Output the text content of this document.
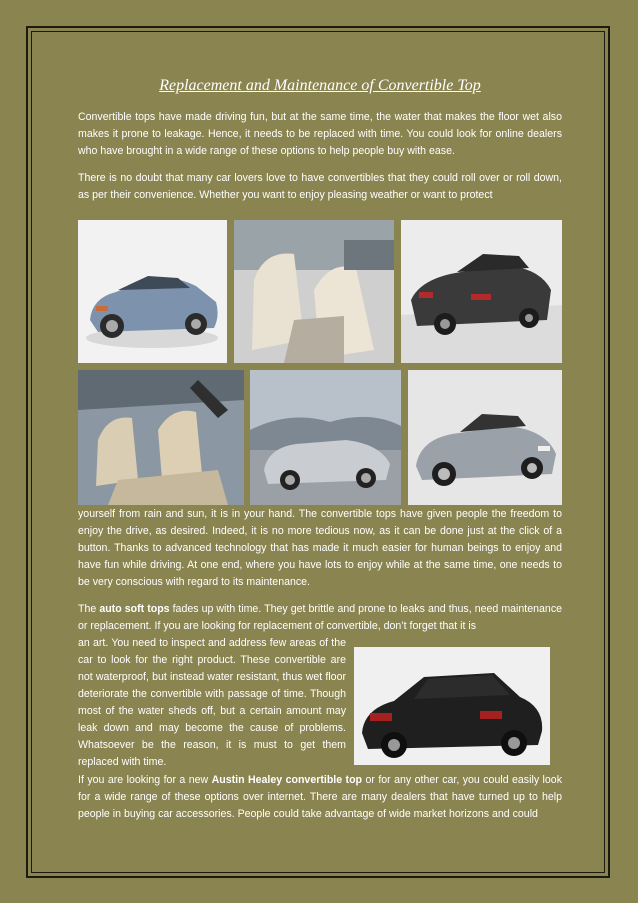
Replacement and Maintenance of Convertible Top

Convertible tops have made driving fun, but at the same time, the water that makes the floor wet also makes it prone to leakage. Hence, it needs to be replaced with time. You could look for online dealers who have brought in a wide range of these options to help people buy with ease.

There is no doubt that many car lovers love to have convertibles that they could roll over or roll down, as per their convenience. Whether you want to enjoy pleasing weather or want to protect

yourself from rain and sun, it is in your hand. The convertible tops have given people the freedom to enjoy the drive, as desired. Indeed, it is no more tedious now, as it can be done just at the click of a button. Thanks to advanced technology that has made it much easier for human beings to enjoy and have fun while driving. At one end, where you have lots to enjoy while at the same time, one needs to be very conscious with regard to its maintenance.

The auto soft tops fades up with time. They get brittle and prone to leaks and thus, need maintenance or replacement. If you are looking for replacement of convertible, don’t forget that it is

an art. You need to inspect and address few areas of the car to look for the right product. These convertible are not waterproof, but instead water resistant, thus wet floor deteriorate the convertible with passage of time. Though most of the water sheds off, but a certain amount may leak down and may become the cause of problems. Whatsoever be the reason, it is must to get them replaced with time.

If you are looking for a new Austin Healey convertible top or for any other car, you could easily look for a wide range of these options over internet. There are many dealers that have turned up to help people in buying car accessories. People could take advantage of wide market horizons and could
